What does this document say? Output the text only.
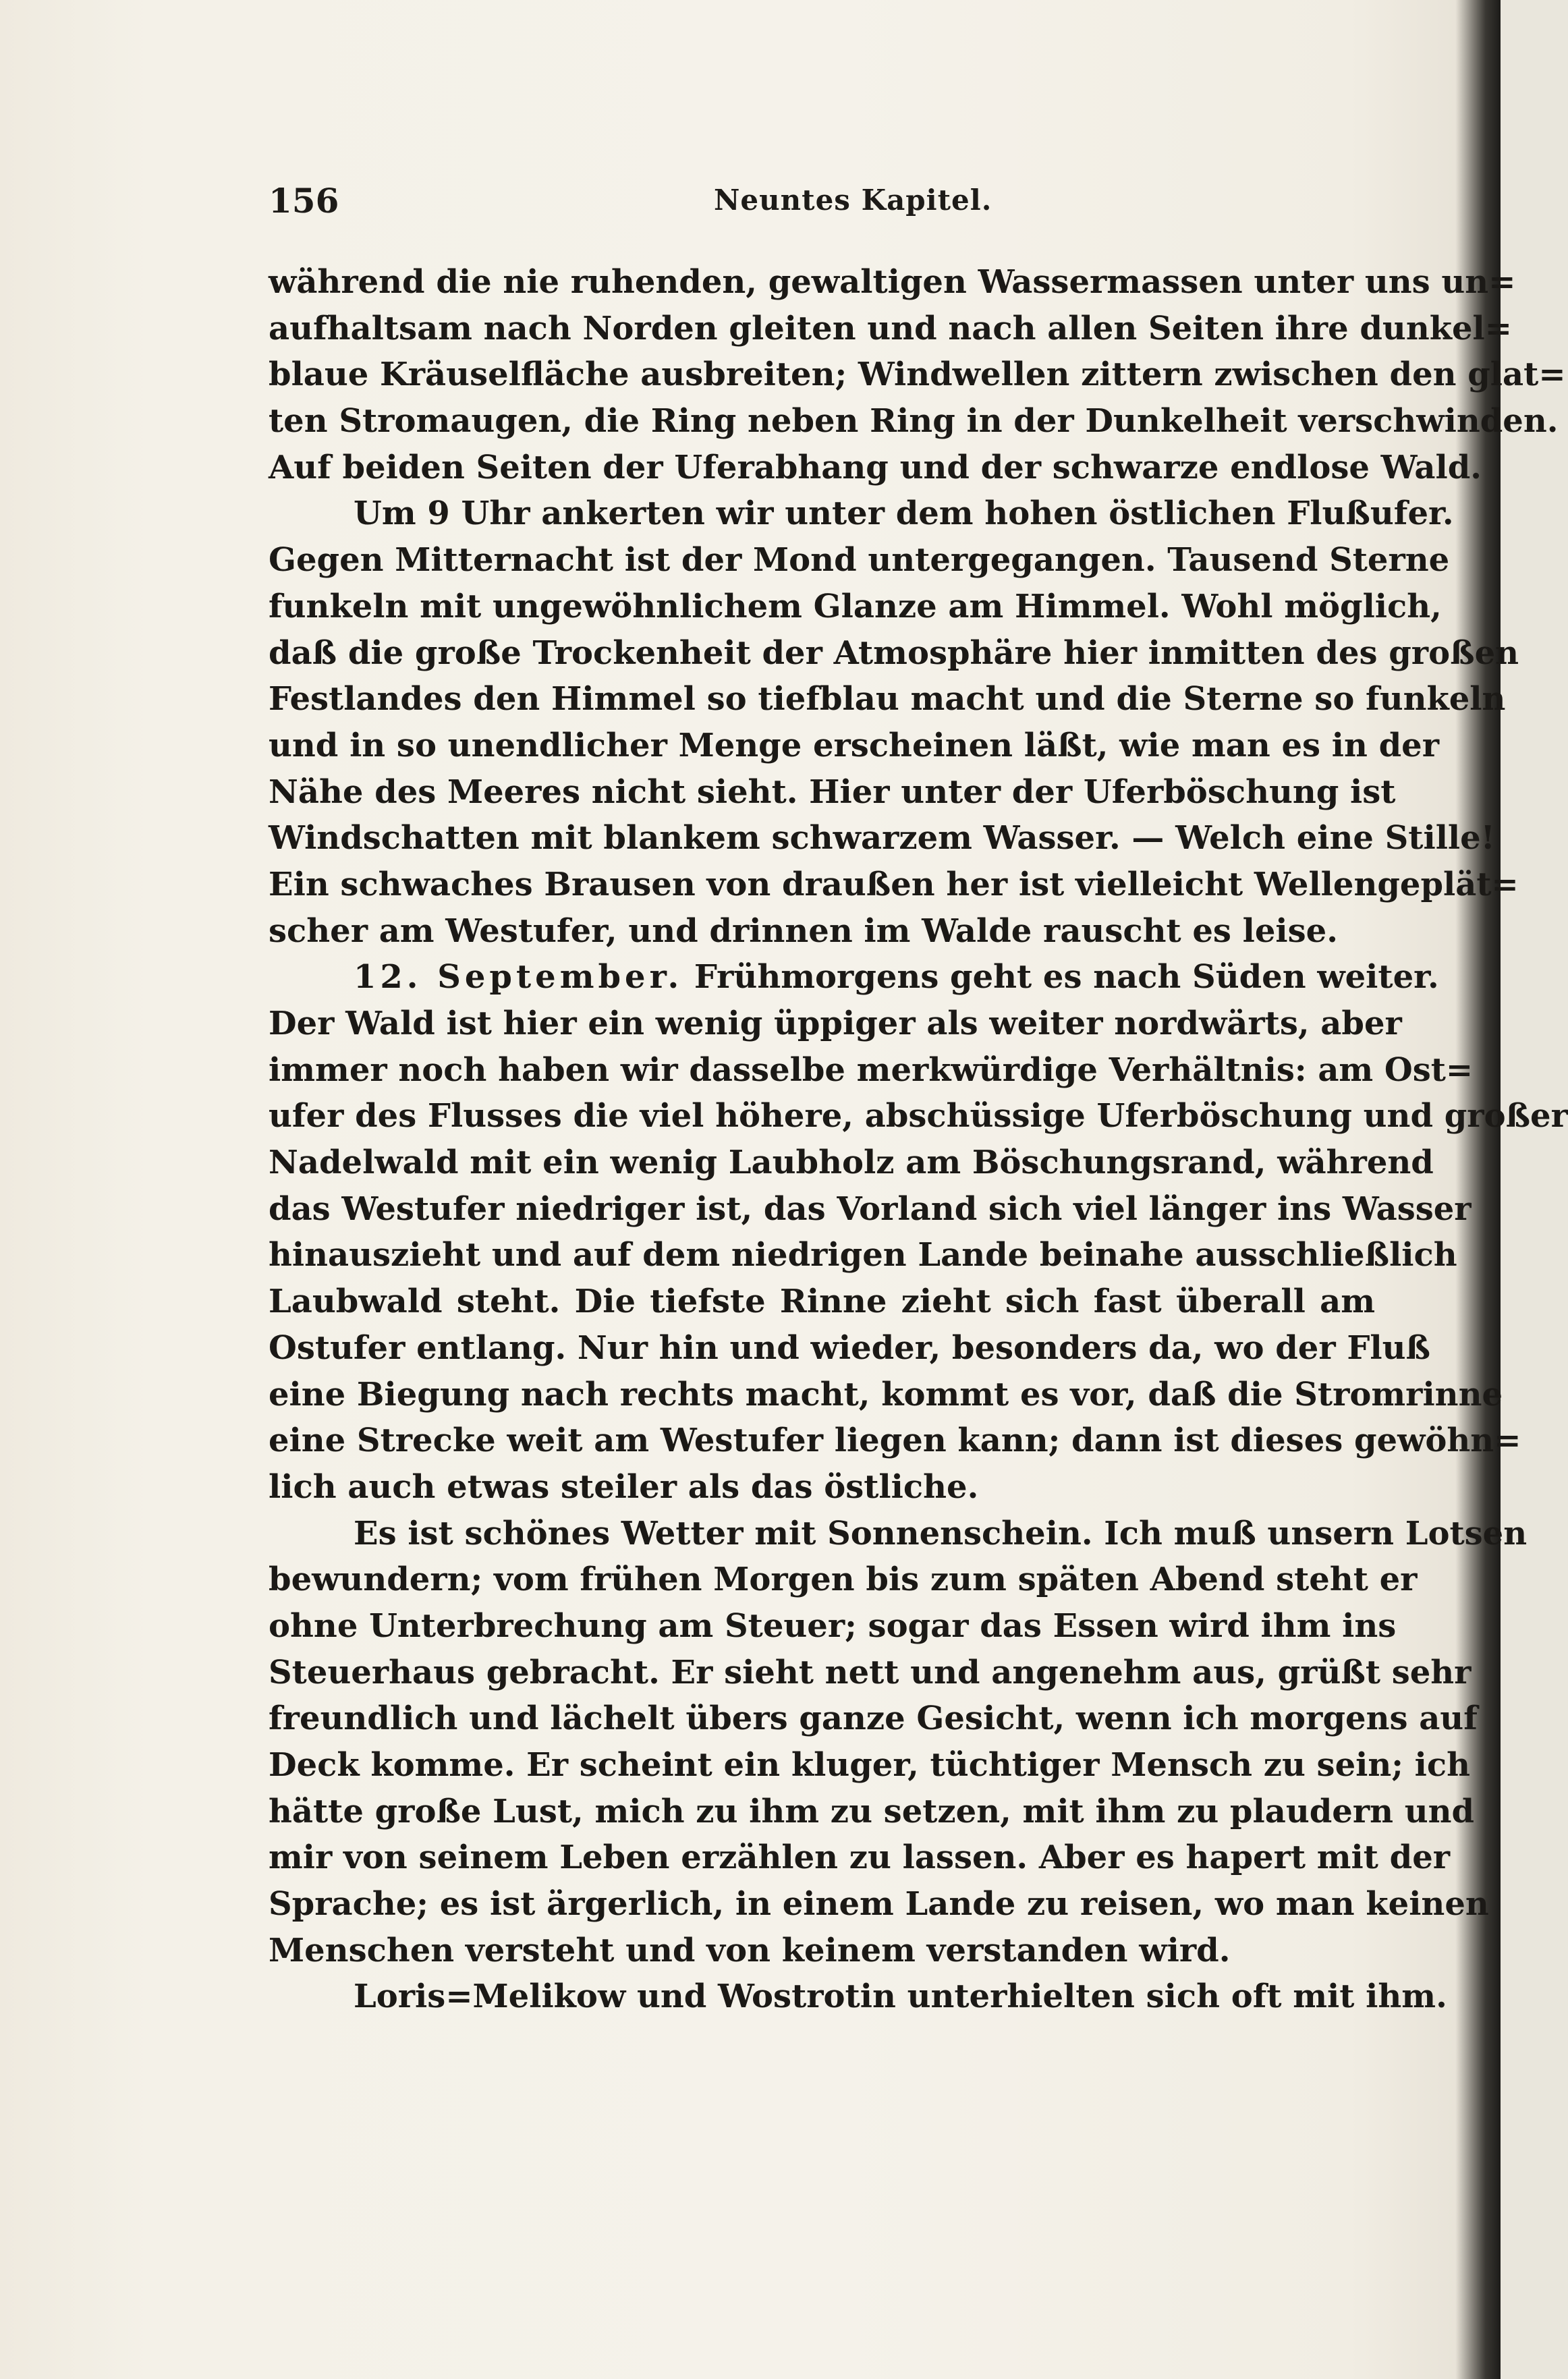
156	Neuntes Kapitel.
während die nie ruhenden, gewaltigen Wassermassen unter uns un=
aufhaltsam nach Norden gleiten und nach allen Seiten ihre dunkel=
blaue Kräuselfläche ausbreiten; Windwellen zittern zwischen den glat=
ten Stromaugen, die Ring neben Ring in der Dunkelheit verschwinden.
Auf beiden Seiten der Uferabhang und der schwarze endlose Wald.
Um 9 Uhr ankerten wir unter dem hohen östlichen Flußufer.
Gegen Mitternacht ist der Mond untergegangen. Tausend Sterne
funkeln mit ungewöhnlichem Glanze am Himmel. Wohl möglich,
daß die große Trockenheit der Atmosphäre hier inmitten des großen
Festlandes den Himmel so tiefblau macht und die Sterne so funkeln
und in so unendlicher Menge erscheinen läßt, wie man es in der
Nähe des Meeres nicht sieht. Hier unter der Uferböschung ist
Windschatten mit blankem schwarzem Wasser. — Welch eine Stille!
Ein schwaches Brausen von draußen her ist vielleicht Wellengeplät=
scher am Westufer, und drinnen im Walde rauscht es leise.
12. September. Frühmorgens geht es nach Süden weiter.
Der Wald ist hier ein wenig üppiger als weiter nordwärts, aber
immer noch haben wir dasselbe merkwürdige Verhältnis: am Ost=
ufer des Flusses die viel höhere, abschüssige Uferböschung und großer
Nadelwald mit ein wenig Laubholz am Böschungsrand, während
das Westufer niedriger ist, das Vorland sich viel länger ins Wasser
hinauszieht und auf dem niedrigen Lande beinahe ausschließlich
Laubwald steht. Die tiefste Rinne zieht sich fast überall am
Ostufer entlang. Nur hin und wieder, besonders da, wo der Fluß
eine Biegung nach rechts macht, kommt es vor, daß die Stromrinne
eine Strecke weit am Westufer liegen kann; dann ist dieses gewöhn=
lich auch etwas steiler als das östliche.
Es ist schönes Wetter mit Sonnenschein. Ich muß unsern Lotsen
bewundern; vom frühen Morgen bis zum späten Abend steht er
ohne Unterbrechung am Steuer; sogar das Essen wird ihm ins
Steuerhaus gebracht. Er sieht nett und angenehm aus, grüßt sehr
freundlich und lächelt übers ganze Gesicht, wenn ich morgens auf
Deck komme. Er scheint ein kluger, tüchtiger Mensch zu sein; ich
hätte große Lust, mich zu ihm zu setzen, mit ihm zu plaudern und
mir von seinem Leben erzählen zu lassen. Aber es hapert mit der
Sprache; es ist ärgerlich, in einem Lande zu reisen, wo man keinen
Menschen versteht und von keinem verstanden wird.
Loris=Melikow und Wostrotin unterhielten sich oft mit ihm.
